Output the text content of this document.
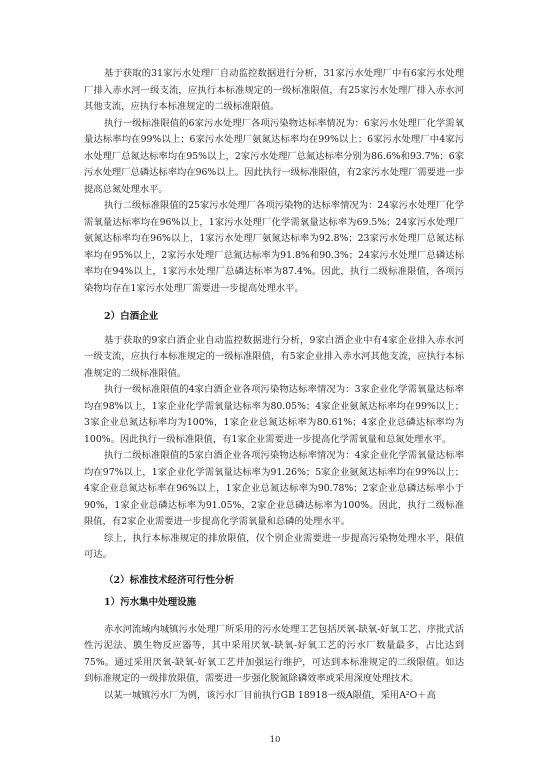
基于获取的31家污水处理厂自动监控数据进行分析，31家污水处理厂中有6家污水处理厂排入赤水河一级支流，应执行本标准规定的一级标准限值，有25家污水处理厂排入赤水河其他支流，应执行本标准规定的二级标准限值。

执行一级标准限值的6家污水处理厂各项污染物达标率情况为：6家污水处理厂化学需氧量达标率均在99%以上；6家污水处理厂氨氮达标率均在99%以上；6家污水处理厂中4家污水处理厂总氮达标率均在95%以上，2家污水处理厂总氮达标率分别为86.6%和93.7%；6家污水处理厂总磷达标率均在96%以上。因此执行一级标准限值，有2家污水处理厂需要进一步提高总氮处理水平。

执行二级标准限值的25家污水处理厂各项污染物的达标率情况为：24家污水处理厂化学需氧量达标率均在96%以上，1家污水处理厂化学需氧量达标率为69.5%；24家污水处理厂氨氮达标率均在96%以上，1家污水处理厂氨氮达标率为92.8%；23家污水处理厂总氮达标率均在95%以上，2家污水处理厂总氮达标率为91.8%和90.3%；24家污水处理厂总磷达标率均在94%以上，1家污水处理厂总磷达标率为87.4%。因此，执行二级标准限值，各项污染物均存在1家污水处理厂需要进一步提高处理水平。

2）白酒企业

基于获取的9家白酒企业自动监控数据进行分析，9家白酒企业中有4家企业排入赤水河一级支流，应执行本标准规定的一级标准限值，有5家企业排入赤水河其他支流，应执行本标准规定的二级标准限值。

执行一级标准限值的4家白酒企业各项污染物达标率情况为：3家企业化学需氧量达标率均在98%以上，1家企业化学需氧量达标率为80.05%；4家企业氨氮达标率均在99%以上；3家企业总氮达标率均为100%，1家企业总氮达标率为80.61%；4家企业总磷达标率均为100%。因此执行一级标准限值，有1家企业需要进一步提高化学需氧量和总氮处理水平。

执行二级标准限值的5家白酒企业各项污染物达标率情况为：4家企业化学需氧量达标率均在97%以上，1家企业化学需氧量达标率为91.26%；5家企业氨氮达标率均在99%以上；4家企业总氮达标率在96%以上，1家企业总氮达标率为90.78%；2家企业总磷达标率小于90%，1家企业总磷达标率为91.05%，2家企业总磷达标率为100%。因此，执行二级标准限值，有2家企业需要进一步提高化学需氧量和总磷的处理水平。

综上，执行本标准规定的排放限值，仅个别企业需要进一步提高污染物处理水平，限值可达。

（2）标准技术经济可行性分析
1）污水集中处理设施

赤水河流域内城镇污水处理厂所采用的污水处理工艺包括厌氧-缺氧-好氧工艺、序批式活性污泥法、膜生物反应器等，其中采用厌氧-缺氧-好氧工艺的污水厂数量最多，占比达到75%。通过采用厌氧-缺氧-好氧工艺并加强运行维护，可达到本标准规定的二级限值。如达到标准规定的一级排放限值，需要进一步强化脱氮除磷效率或采用深度处理技术。

以某一城镇污水厂为例，该污水厂目前执行GB 18918一级A限值，采用A²O＋高

10
